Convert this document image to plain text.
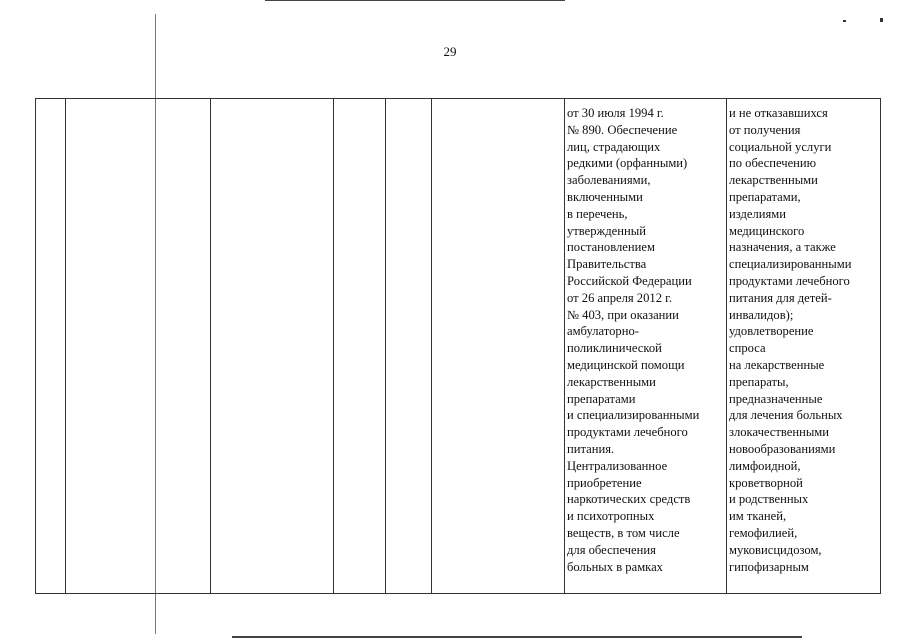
29
от 30 июля 1994 г.
№ 890. Обеспечение
лиц, страдающих
редкими (орфанными)
заболеваниями,
включенными
в перечень,
утвержденный
постановлением
Правительства
Российской Федерации
от 26 апреля 2012 г.
№ 403, при оказании
амбулаторно-
поликлинической
медицинской помощи
лекарственными
препаратами
и специализированными
продуктами лечебного
питания.
Централизованное
приобретение
наркотических средств
и психотропных
веществ, в том числе
для обеспечения
больных в рамках
и не отказавшихся
от получения
социальной услуги
по обеспечению
лекарственными
препаратами,
изделиями
медицинского
назначения, а также
специализированными
продуктами лечебного
питания для детей-
инвалидов);
удовлетворение
спроса
на лекарственные
препараты,
предназначенные
для лечения больных
злокачественными
новообразованиями
лимфоидной,
кроветворной
и родственных
им тканей,
гемофилией,
муковисцидозом,
гипофизарным
